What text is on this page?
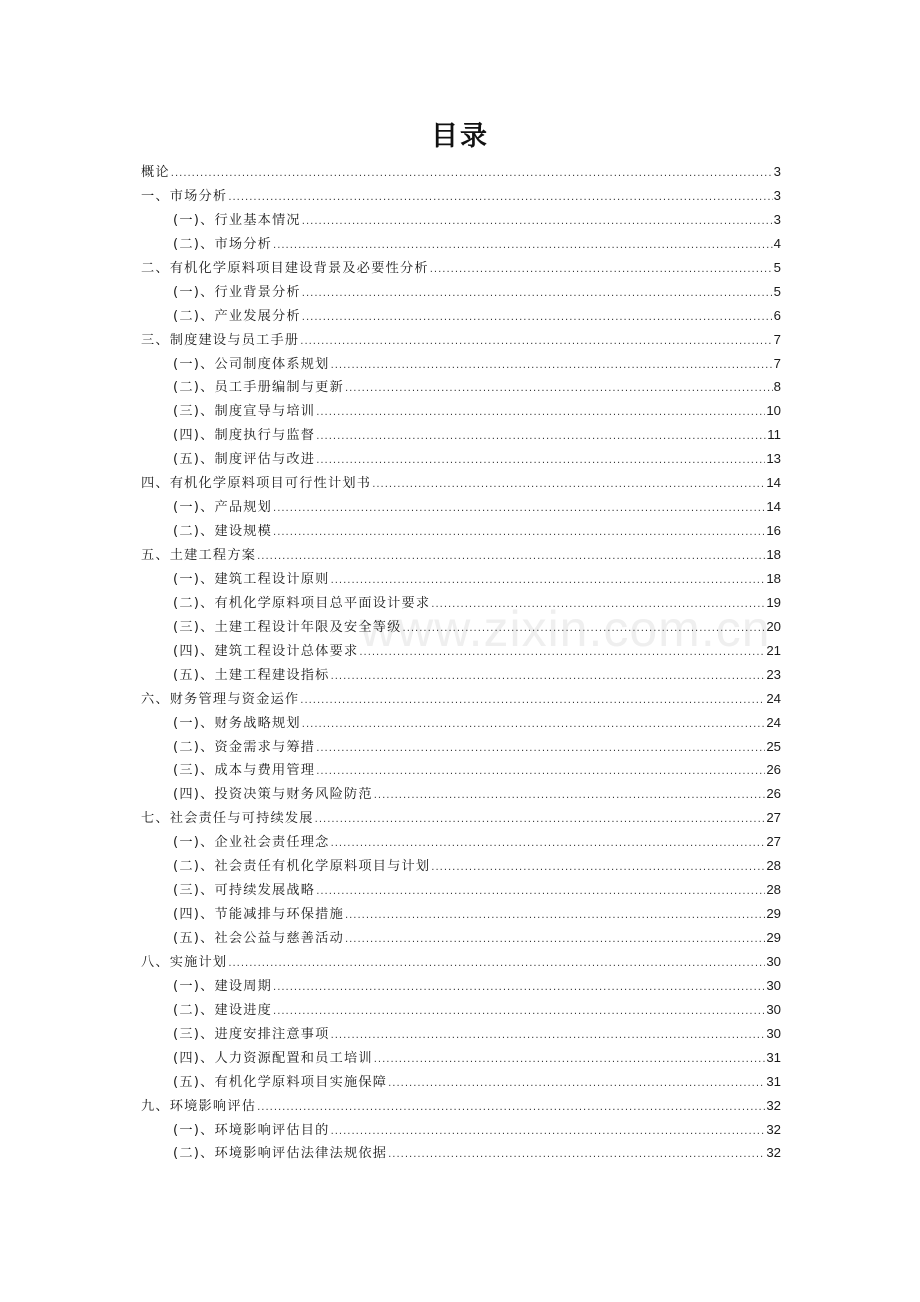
www.zixin.com.cn
目录
概论 .....	3
一、市场分析 .....	3
(一)、行业基本情况 .....	3
(二)、市场分析 .....	4
二、有机化学原料项目建设背景及必要性分析 .....	5
(一)、行业背景分析 .....	5
(二)、产业发展分析 .....	6
三、制度建设与员工手册 .....	7
(一)、公司制度体系规划 .....	7
(二)、员工手册编制与更新 .....	8
(三)、制度宣导与培训 .....	10
(四)、制度执行与监督 .....	11
(五)、制度评估与改进 .....	13
四、有机化学原料项目可行性计划书 .....	14
(一)、产品规划 .....	14
(二)、建设规模 .....	16
五、土建工程方案 .....	18
(一)、建筑工程设计原则 .....	18
(二)、有机化学原料项目总平面设计要求 .....	19
(三)、土建工程设计年限及安全等级 .....	20
(四)、建筑工程设计总体要求 .....	21
(五)、土建工程建设指标 .....	23
六、财务管理与资金运作 .....	24
(一)、财务战略规划 .....	24
(二)、资金需求与筹措 .....	25
(三)、成本与费用管理 .....	26
(四)、投资决策与财务风险防范 .....	26
七、社会责任与可持续发展 .....	27
(一)、企业社会责任理念 .....	27
(二)、社会责任有机化学原料项目与计划 .....	28
(三)、可持续发展战略 .....	28
(四)、节能减排与环保措施 .....	29
(五)、社会公益与慈善活动 .....	29
八、实施计划 .....	30
(一)、建设周期 .....	30
(二)、建设进度 .....	30
(三)、进度安排注意事项 .....	30
(四)、人力资源配置和员工培训 .....	31
(五)、有机化学原料项目实施保障 .....	31
九、环境影响评估 .....	32
(一)、环境影响评估目的 .....	32
(二)、环境影响评估法律法规依据 .....	32
